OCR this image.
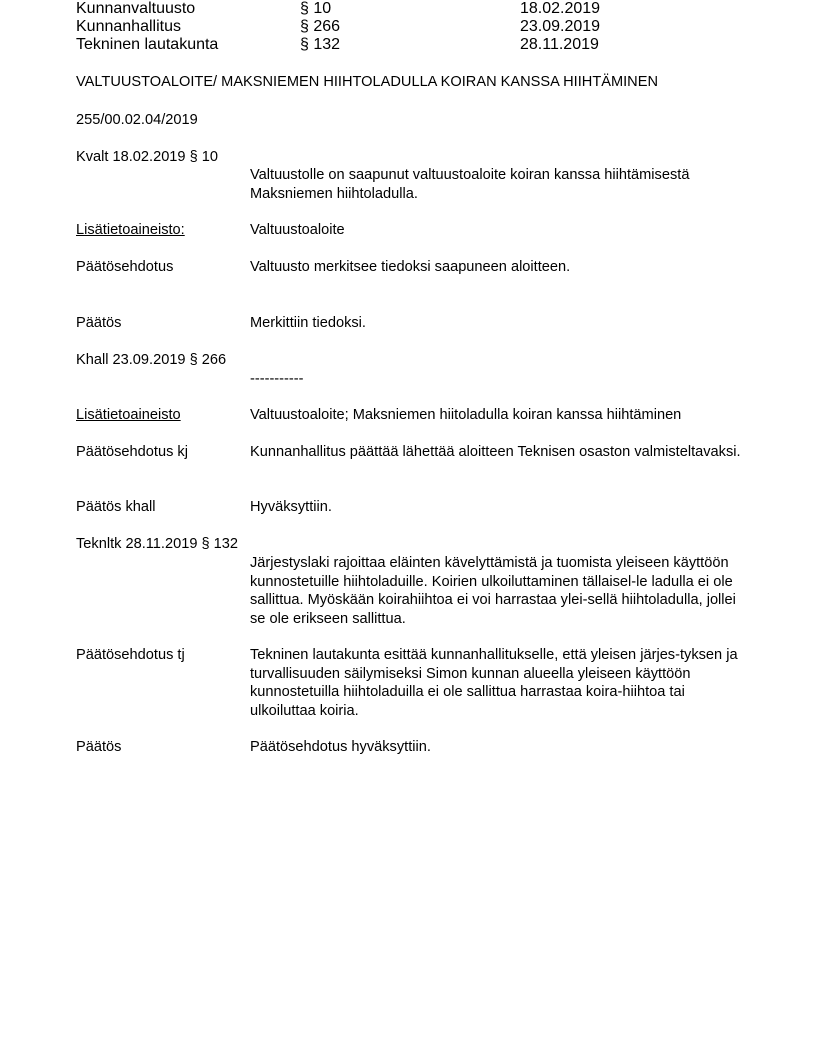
Kunnanvaltuusto	§ 10	18.02.2019
Kunnanhallitus	§ 266	23.09.2019
Tekninen lautakunta	§ 132	28.11.2019
VALTUUSTOALOITE/ MAKSNIEMEN HIIHTOLADULLA KOIRAN KANSSA HIIHTÄMINEN
255/00.02.04/2019
Kvalt 18.02.2019 § 10
Valtuustolle on saapunut valtuustoaloite koiran kanssa hiihtämisestä Maksniemen hiihtoladulla.
Lisätietoaineisto:	Valtuustoaloite
Päätösehdotus	Valtuusto merkitsee tiedoksi saapuneen aloitteen.
Päätös	Merkittiin tiedoksi.
Khall 23.09.2019 § 266
-----------
Lisätietoaineisto	Valtuustoaloite; Maksniemen hiitoladulla koiran kanssa hiihtäminen
Päätösehdotus kj	Kunnanhallitus päättää lähettää aloitteen Teknisen osaston valmisteltavaksi.
Päätös khall	Hyväksyttiin.
Teknltk 28.11.2019 § 132
Järjestyslaki rajoittaa eläinten kävelyttämistä ja tuomista yleiseen käyttöön kunnostetuille hiihtoladuille. Koirien ulkoiluttaminen tällaisel-le ladulla ei ole sallittua. Myöskään koirahiihtoa ei voi harrastaa ylei-sellä hiihtoladulla, jollei se ole erikseen sallittua.
Päätösehdotus tj	Tekninen lautakunta esittää kunnanhallitukselle, että yleisen järjes-tyksen ja turvallisuuden säilymiseksi Simon kunnan alueella yleiseen käyttöön kunnostetuilla hiihtoladuilla ei ole sallittua harrastaa koira-hiihtoa tai ulkoiluttaa koiria.
Päätös	Päätösehdotus hyväksyttiin.
